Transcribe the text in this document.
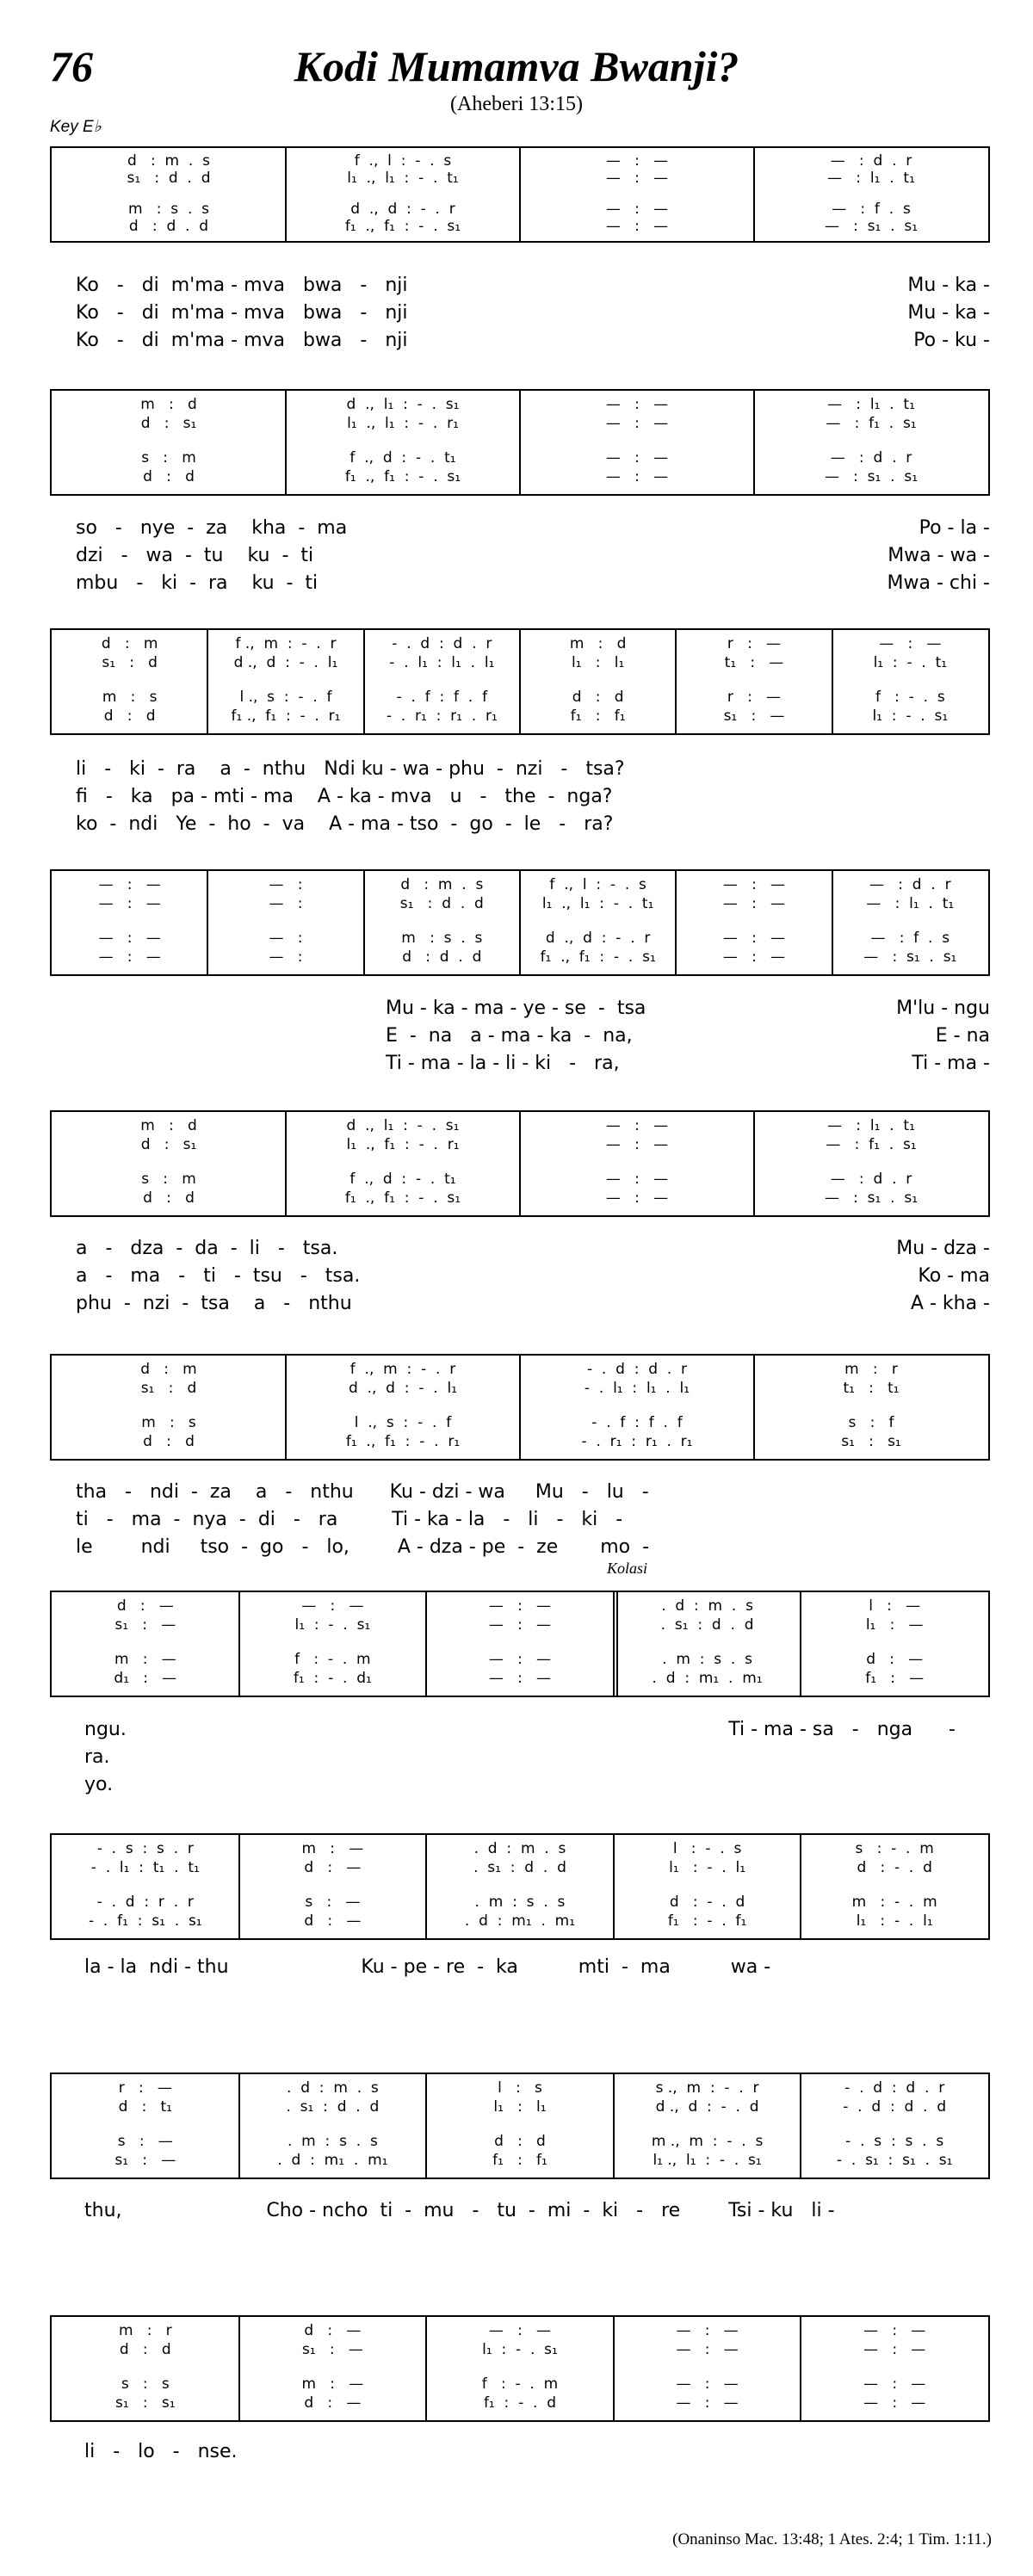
76	Kodi Mumamva Bwanji?
(Aheberi 13:15)
Key E♭
Kolasi
d   :  m  .  s
s₁   :  d  .  d
m   :  s  .  s
d   :  d  .  d
f  .,  l  :  -  .  s
l₁  .,  l₁  :  -  .  t₁
d  .,  d  :  -  .  r
f₁  .,  f₁  :  -  .  s₁
—   :   —
—   :   —
—   :   —
—   :   —
—   :  d  .  r
—   :  l₁  .  t₁
—   :  f  .  s
—   :  s₁  .  s₁
Ko   -   di  m'ma - mva   bwa   -   nji
Ko   -   di  m'ma - mva   bwa   -   nji
Ko   -   di  m'ma - mva   bwa   -   nji
Mu - ka -
Mu - ka -
Po - ku -
m   :   d
d   :   s₁
s   :   m
d   :   d
d  .,  l₁  :  -  .  s₁
l₁  .,  l₁  :  -  .  r₁
f  .,  d  :  -  .  t₁
f₁  .,  f₁  :  -  .  s₁
—   :   —
—   :   —
—   :   —
—   :   —
—   :  l₁  .  t₁
—   :  f₁  .  s₁
—   :  d  .  r
—   :  s₁  .  s₁
so   -   nye  -  za    kha  -  ma
dzi   -   wa  -  tu    ku  -  ti
mbu   -   ki  -  ra    ku  -  ti
Po - la -
Mwa - wa -
Mwa - chi -
d   :   m
s₁   :   d
m   :   s
d   :   d
f .,  m  :  -  .  r
d .,  d  :  -  .  l₁
l .,  s  :  -  .  f
f₁ .,  f₁  :  -  .  r₁
-  .  d  :  d  .  r
-  .  l₁  :  l₁  .  l₁
-  .  f  :  f  .  f
-  .  r₁  :  r₁  .  r₁
m   :   d
l₁   :   l₁
d   :   d
f₁   :   f₁
r   :   —
t₁   :   —
r   :   —
s₁   :   —
—   :   —
l₁  :  -  .  t₁
f   :  -  .  s
l₁  :  -  .  s₁
li   -   ki  -  ra    a  -  nthu   Ndi ku - wa - phu  -  nzi   -   tsa?
fi   -   ka   pa - mti - ma    A - ka - mva   u   -   the  -  nga?
ko  -  ndi   Ye  -  ho  -  va    A - ma - tso  -  go  -  le   -   ra?
—   :   —
—   :   —
—   :   —
—   :   —
—   :
—   :
—   :
—   :
d   :  m  .  s
s₁   :  d  .  d
m   :  s  .  s
d   :  d  .  d
f  .,  l  :  -  .  s
l₁  .,  l₁  :  -  .  t₁
d  .,  d  :  -  .  r
f₁  .,  f₁  :  -  .  s₁
—   :   —
—   :   —
—   :   —
—   :   —
—   :  d  .  r
—   :  l₁  .  t₁
—   :  f  .  s
—   :  s₁  .  s₁
Mu - ka - ma - ye - se  -  tsa
E  -  na   a - ma - ka  -  na,
Ti - ma - la - li - ki   -   ra,
M'lu - ngu
E - na
Ti - ma -
m   :   d
d   :   s₁
s   :   m
d   :   d
d  .,  l₁  :  -  .  s₁
l₁  .,  f₁  :  -  .  r₁
f  .,  d  :  -  .  t₁
f₁  .,  f₁  :  -  .  s₁
—   :   —
—   :   —
—   :   —
—   :   —
—   :  l₁  .  t₁
—   :  f₁  .  s₁
—   :  d  .  r
—   :  s₁  .  s₁
a   -   dza  -  da  -  li   -   tsa.
a   -   ma   -   ti   -  tsu   -   tsa.
phu  -  nzi  -  tsa    a   -   nthu
Mu - dza -
Ko - ma
A - kha -
d   :   m
s₁   :   d
m   :   s
d   :   d
f  .,  m  :  -  .  r
d  .,  d  :  -  .  l₁
l  .,  s  :  -  .  f
f₁  .,  f₁  :  -  .  r₁
-  .  d  :  d  .  r
-  .  l₁  :  l₁  .  l₁
-  .  f  :  f  .  f
-  .  r₁  :  r₁  .  r₁
m   :   r
t₁   :   t₁
s   :   f
s₁   :   s₁
tha   -   ndi  -  za    a   -   nthu      Ku - dzi - wa     Mu   -   lu   -
ti   -   ma  -  nya  -  di   -   ra         Ti - ka - la   -   li   -   ki   -
le        ndi     tso  -  go   -   lo,        A - dza - pe  -  ze       mo  -
d   :   —
s₁   :   —
m   :   —
d₁   :   —
—   :   —
l₁  :  -  .  s₁
f   :  -  .  m
f₁  :  -  .  d₁
—   :   —
—   :   —
—   :   —
—   :   —
.  d  :  m  .  s
.  s₁  :  d  .  d
.  m  :  s  .  s
.  d  :  m₁  .  m₁
l   :   —
l₁   :   —
d   :   —
f₁   :   —
ngu.
ra.
yo.
Ti - ma - sa   -   nga      -
-  .  s  :  s  .  r
-  .  l₁  :  t₁  .  t₁
-  .  d  :  r  .  r
-  .  f₁  :  s₁  .  s₁
m   :   —
d   :   —
s   :   —
d   :   —
.  d  :  m  .  s
.  s₁  :  d  .  d
.  m  :  s  .  s
.  d  :  m₁  .  m₁
l   :  -  .  s
l₁   :  -  .  l₁
d   :  -  .  d
f₁   :  -  .  f₁
s   :  -  .  m
d   :  -  .  d
m   :  -  .  m
l₁   :  -  .  l₁
la - la  ndi - thu                      Ku - pe - re  -  ka          mti  -  ma          wa -
r   :   —
d   :   t₁
s   :   —
s₁   :   —
.  d  :  m  .  s
.  s₁  :  d  .  d
.  m  :  s  .  s
.  d  :  m₁  .  m₁
l   :   s
l₁   :   l₁
d   :   d
f₁   :   f₁
s .,  m  :  -  .  r
d .,  d  :  -  .  d
m .,  m  :  -  .  s
l₁ .,  l₁  :  -  .  s₁
-  .  d  :  d  .  r
-  .  d  :  d  .  d
-  .  s  :  s  .  s
-  .  s₁  :  s₁  .  s₁
thu,                        Cho - ncho  ti  -  mu   -   tu  -  mi  -  ki   -   re        Tsi - ku   li -
m   :   r
d   :   d
s   :   s
s₁   :   s₁
d   :   —
s₁   :   —
m   :   —
d   :   —
—   :   —
l₁  :  -  .  s₁
f   :  -  .  m
f₁  :  -  .  d
—   :   —
—   :   —
—   :   —
—   :   —
—   :   —
—   :   —
—   :   —
—   :   —
li   -   lo   -   nse.
(Onaninso Mac. 13:48; 1 Ates. 2:4; 1 Tim. 1:11.)
